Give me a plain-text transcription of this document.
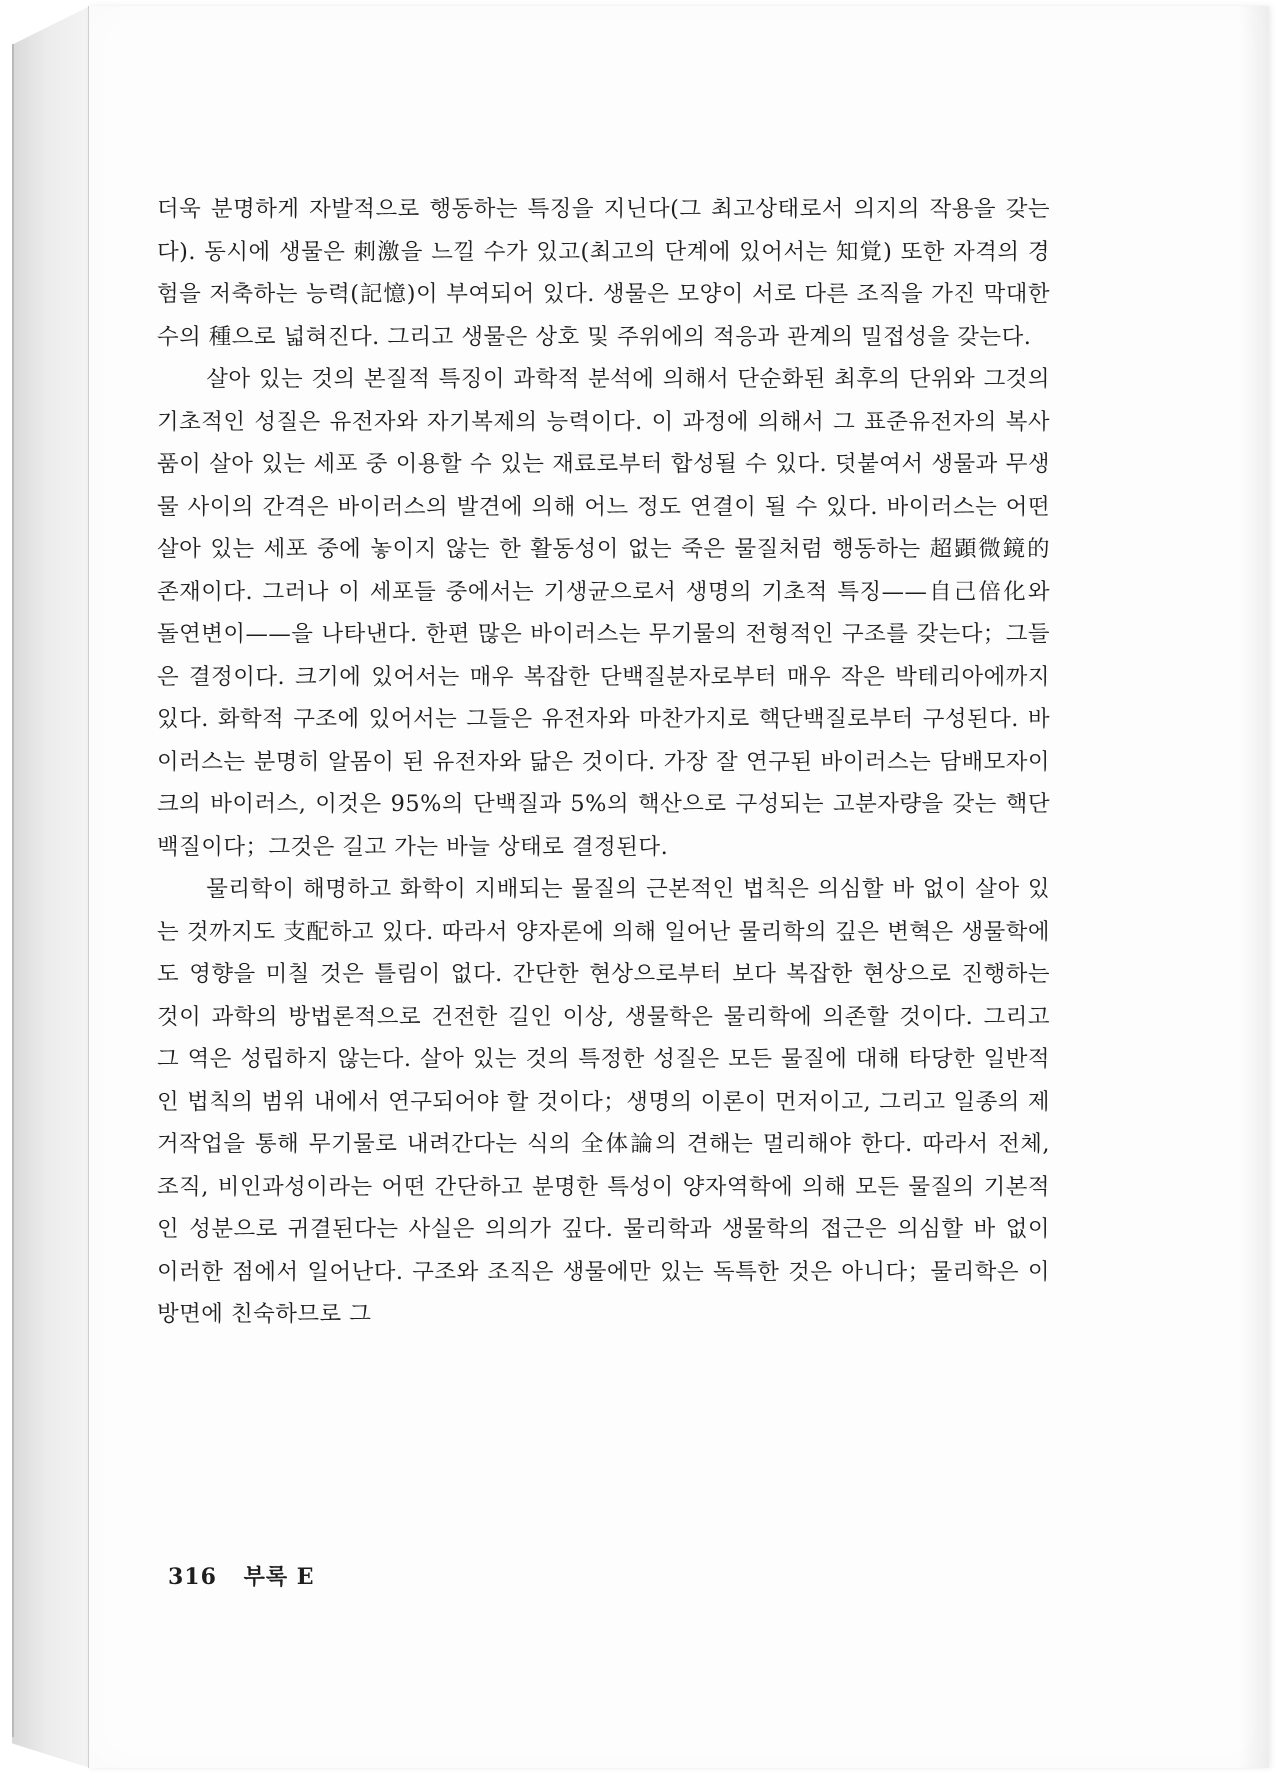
더욱 분명하게 자발적으로 행동하는 특징을 지닌다(그 최고상태로서 의지의 작용을 갖는다). 동시에 생물은 刺激을 느낄 수가 있고(최고의 단계에 있어서는 知覚) 또한 자격의 경험을 저축하는 능력(記憶)이 부여되어 있다. 생물은 모양이 서로 다른 조직을 가진 막대한 수의 種으로 넓혀진다. 그리고 생물은 상호 및 주위에의 적응과 관계의 밀접성을 갖는다.

살아 있는 것의 본질적 특징이 과학적 분석에 의해서 단순화된 최후의 단위와 그것의 기초적인 성질은 유전자와 자기복제의 능력이다. 이 과정에 의해서 그 표준유전자의 복사품이 살아 있는 세포 중 이용할 수 있는 재료로부터 합성될 수 있다. 덧붙여서 생물과 무생물 사이의 간격은 바이러스의 발견에 의해 어느 정도 연결이 될 수 있다. 바이러스는 어떤 살아 있는 세포 중에 놓이지 않는 한 활동성이 없는 죽은 물질처럼 행동하는 超顕微鏡的 존재이다. 그러나 이 세포들 중에서는 기생균으로서 생명의 기초적 특징——自己倍化와 돌연변이——을 나타낸다. 한편 많은 바이러스는 무기물의 전형적인 구조를 갖는다；그들은 결정이다. 크기에 있어서는 매우 복잡한 단백질분자로부터 매우 작은 박테리아에까지 있다. 화학적 구조에 있어서는 그들은 유전자와 마찬가지로 핵단백질로부터 구성된다. 바이러스는 분명히 알몸이 된 유전자와 닮은 것이다. 가장 잘 연구된 바이러스는 담배모자이크의 바이러스, 이것은 95%의 단백질과 5%의 핵산으로 구성되는 고분자량을 갖는 핵단백질이다；그것은 길고 가는 바늘 상태로 결정된다.

물리학이 해명하고 화학이 지배되는 물질의 근본적인 법칙은 의심할 바 없이 살아 있는 것까지도 支配하고 있다. 따라서 양자론에 의해 일어난 물리학의 깊은 변혁은 생물학에도 영향을 미칠 것은 틀림이 없다. 간단한 현상으로부터 보다 복잡한 현상으로 진행하는 것이 과학의 방법론적으로 건전한 길인 이상, 생물학은 물리학에 의존할 것이다. 그리고 그 역은 성립하지 않는다. 살아 있는 것의 특정한 성질은 모든 물질에 대해 타당한 일반적인 법칙의 범위 내에서 연구되어야 할 것이다；생명의 이론이 먼저이고, 그리고 일종의 제거작업을 통해 무기물로 내려간다는 식의 全体論의 견해는 멀리해야 한다. 따라서 전체, 조직, 비인과성이라는 어떤 간단하고 분명한 특성이 양자역학에 의해 모든 물질의 기본적인 성분으로 귀결된다는 사실은 의의가 깊다. 물리학과 생물학의 접근은 의심할 바 없이 이러한 점에서 일어난다. 구조와 조직은 생물에만 있는 독특한 것은 아니다；물리학은 이 방면에 친숙하므로 그

316 부록 E
